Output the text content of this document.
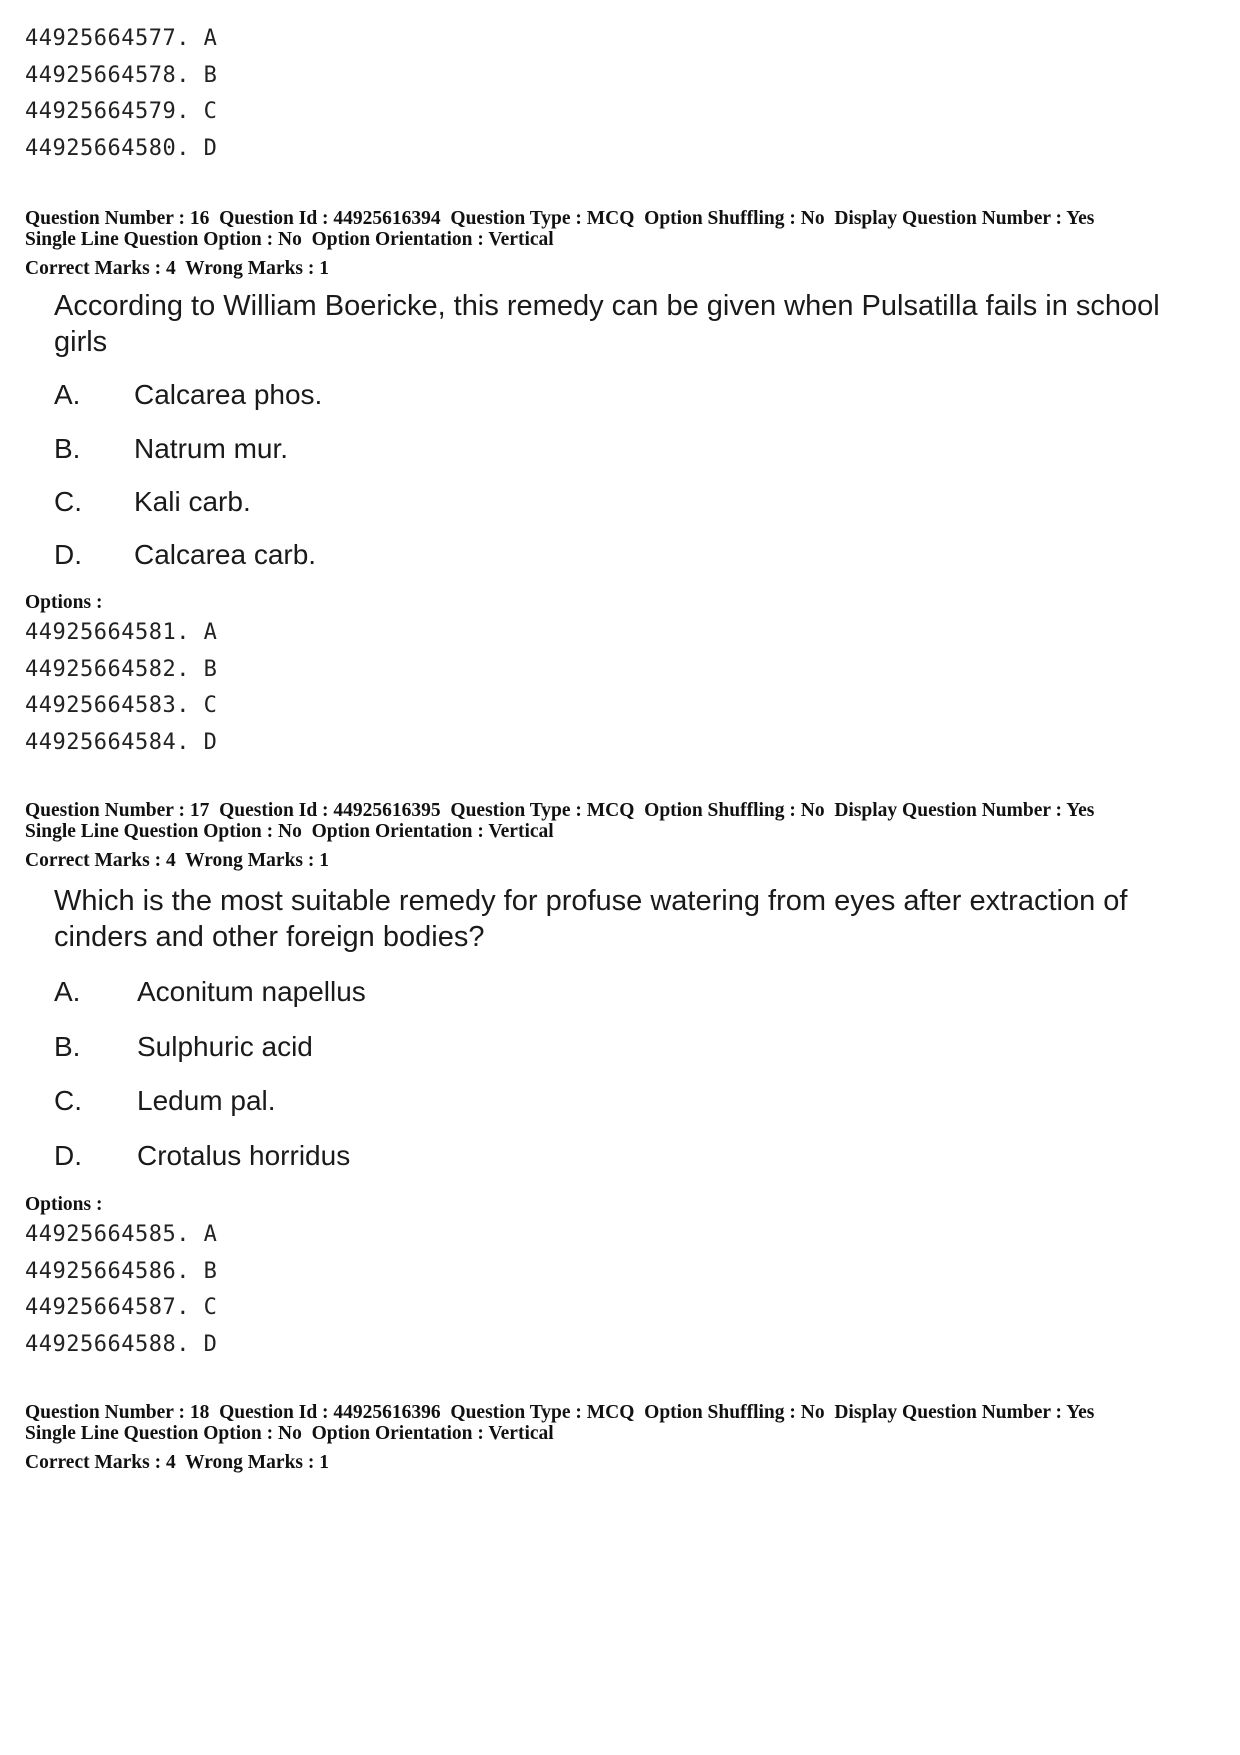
44925664577. A
44925664578. B
44925664579. C
44925664580. D
Question Number : 16  Question Id : 44925616394  Question Type : MCQ  Option Shuffling : No  Display Question Number : Yes
Single Line Question Option : No  Option Orientation : Vertical
Correct Marks : 4  Wrong Marks : 1
According to William Boericke, this remedy can be given when Pulsatilla fails in school girls
A. Calcarea phos.
B. Natrum mur.
C. Kali carb.
D. Calcarea carb.
Options :
44925664581. A
44925664582. B
44925664583. C
44925664584. D
Question Number : 17  Question Id : 44925616395  Question Type : MCQ  Option Shuffling : No  Display Question Number : Yes
Single Line Question Option : No  Option Orientation : Vertical
Correct Marks : 4  Wrong Marks : 1
Which is the most suitable remedy for profuse watering from eyes after extraction of cinders and other foreign bodies?
A. Aconitum napellus
B. Sulphuric acid
C. Ledum pal.
D. Crotalus horridus
Options :
44925664585. A
44925664586. B
44925664587. C
44925664588. D
Question Number : 18  Question Id : 44925616396  Question Type : MCQ  Option Shuffling : No  Display Question Number : Yes
Single Line Question Option : No  Option Orientation : Vertical
Correct Marks : 4  Wrong Marks : 1
